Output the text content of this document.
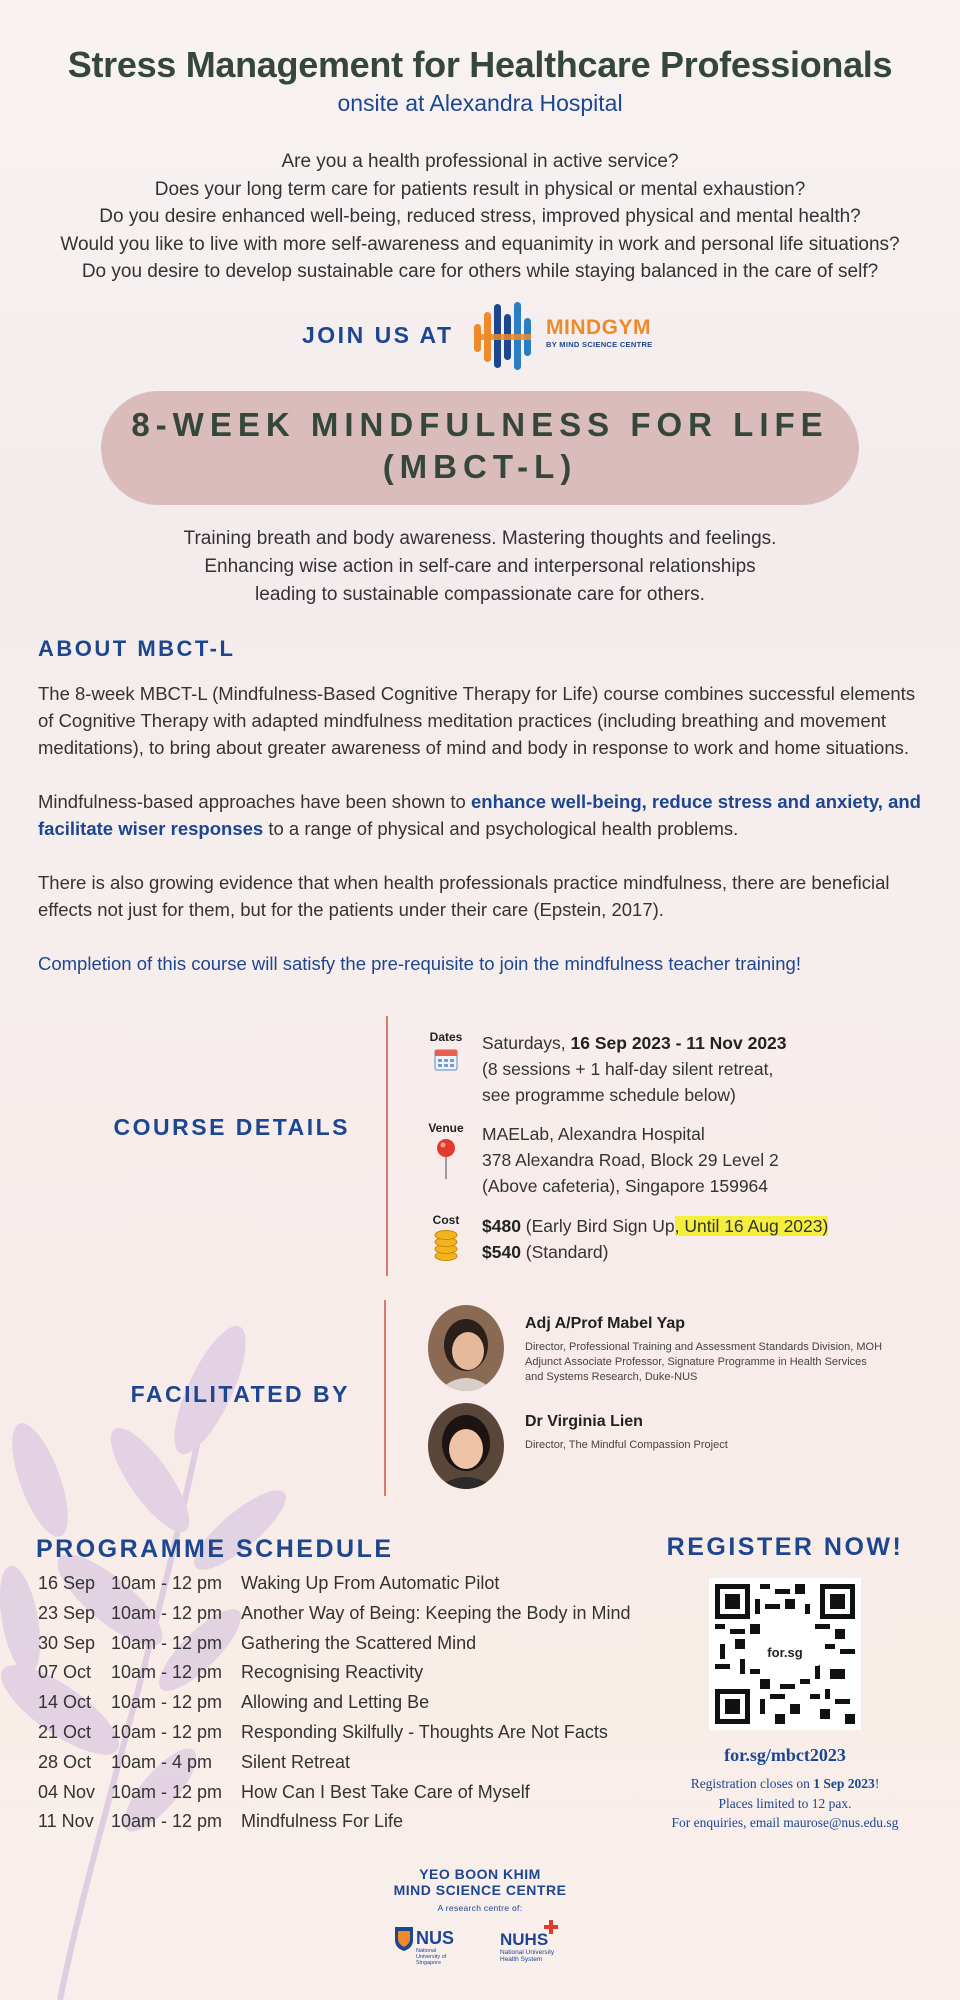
Stress Management for Healthcare Professionals
onsite at Alexandra Hospital
Are you a health professional in active service?
Does your long term care for patients result in physical or mental exhaustion?
Do you desire enhanced well-being, reduced stress, improved physical and mental health?
Would you like to live with more self-awareness and equanimity in work and personal life situations?
Do you desire to develop sustainable care for others while staying balanced in the care of self?
JOIN US AT	MINDGYM
BY MIND SCIENCE CENTRE
8-WEEK MINDFULNESS FOR LIFE
(MBCT-L)
Training breath and body awareness. Mastering thoughts and feelings.
Enhancing wise action in self-care and interpersonal relationships
leading to sustainable compassionate care for others.
ABOUT MBCT-L

The 8-week MBCT-L (Mindfulness-Based Cognitive Therapy for Life) course combines successful elements of Cognitive Therapy with adapted mindfulness meditation practices (including breathing and movement meditations), to bring about greater awareness of mind and body in response to work and home situations.

Mindfulness-based approaches have been shown to enhance well-being, reduce stress and anxiety, and facilitate wiser responses to a range of physical and psychological health problems.

There is also growing evidence that when health professionals practice mindfulness, there are beneficial effects not just for them, but for the patients under their care (Epstein, 2017).

Completion of this course will satisfy the pre-requisite to join the mindfulness teacher training!

COURSE DETAILS
Dates Saturdays, 16 Sep 2023 - 11 Nov 2023
(8 sessions + 1 half-day silent retreat,
see programme schedule below)
Venue MAELab, Alexandra Hospital
378 Alexandra Road, Block 29 Level 2
(Above cafeteria), Singapore 159964
Cost	$480 (Early Bird Sign Up, Until 16 Aug 2023)
$540 (Standard)
FACILITATED BY
Adj A/Prof Mabel Yap
Director, Professional Training and Assessment Standards Division, MOH
Adjunct Associate Professor, Signature Programme in Health Services
and Systems Research, Duke-NUS
Dr Virginia Lien
Director, The Mindful Compassion Project
PROGRAMME SCHEDULE
16 Sep 10am - 12 pm Waking Up From Automatic Pilot
23 Sep 10am - 12 pm Another Way of Being: Keeping the Body in Mind
30 Sep 10am - 12 pm Gathering the Scattered Mind
07 Oct 10am - 12 pm Recognising Reactivity
14 Oct 10am - 12 pm Allowing and Letting Be
21 Oct 10am - 12 pm Responding Skilfully - Thoughts Are Not Facts
28 Oct 10am - 4 pm Silent Retreat
04 Nov 10am - 12 pm How Can I Best Take Care of Myself
11 Nov 10am - 12 pm Mindfulness For Life
REGISTER NOW!
for.sg
for.sg/mbct2023
Registration closes on 1 Sep 2023!
Places limited to 12 pax.
For enquiries, email maurose@nus.edu.sg
YEO BOON KHIM
MIND SCIENCE CENTRE
A research centre of:
NUS
National University of Singapore
NUHS
National University Health System
